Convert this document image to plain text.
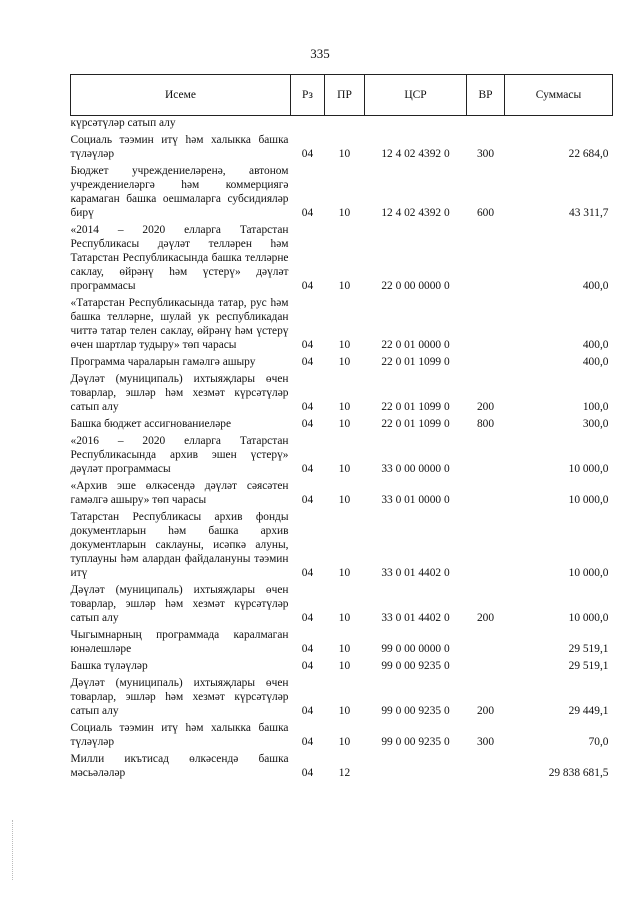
335
Исеме	Рз	ПР	ЦСР	ВР	Суммасы
күрсәтүләр сатып алу					
Социаль тәэмин итү һәм халыкка башка түләүләр	04	10	12 4 02 4392 0	300	22 684,0
Бюджет учреждениеләренә, автоном учреждениеләргә һәм коммерциягә карамаган башка оешмаларга субсидияләр бирү	04	10	12 4 02 4392 0	600	43 311,7
«2014 – 2020 елларга Татарстан Республикасы дәүләт телләрен һәм Татарстан Республикасында башка телләрне саклау, өйрәнү һәм үстерү» дәүләт программасы	04	10	22 0 00 0000 0		400,0
«Татарстан Республикасында татар, рус һәм башка телләрне, шулай ук республикадан читтә татар телен саклау, өйрәнү һәм үстерү өчен шартлар тудыру» төп чарасы	04	10	22 0 01 0000 0		400,0
Программа чараларын гамәлгә ашыру	04	10	22 0 01 1099 0		400,0
Дәүләт (муниципаль) ихтыяҗлары өчен товарлар, эшләр һәм хезмәт күрсәтүләр сатып алу	04	10	22 0 01 1099 0	200	100,0
Башка бюджет ассигнованиеләре	04	10	22 0 01 1099 0	800	300,0
«2016 – 2020 елларга Татарстан Республикасында архив эшен үстерү» дәүләт программасы	04	10	33 0 00 0000 0		10 000,0
«Архив эше өлкәсендә дәүләт сәясәтен гамәлгә ашыру» төп чарасы	04	10	33 0 01 0000 0		10 000,0
Татарстан Республикасы архив фонды документларын һәм башка архив документларын саклауны, исәпкә алуны, туплауны һәм алардан файдалануны тәэмин итү	04	10	33 0 01 4402 0		10 000,0
Дәүләт (муниципаль) ихтыяҗлары өчен товарлар, эшләр һәм хезмәт күрсәтүләр сатып алу	04	10	33 0 01 4402 0	200	10 000,0
Чыгымнарның программада каралмаган юнәлешләре	04	10	99 0 00 0000 0		29 519,1
Башка түләүләр	04	10	99 0 00 9235 0		29 519,1
Дәүләт (муниципаль) ихтыяҗлары өчен товарлар, эшләр һәм хезмәт күрсәтүләр сатып алу	04	10	99 0 00 9235 0	200	29 449,1
Социаль тәэмин итү һәм халыкка башка түләүләр	04	10	99 0 00 9235 0	300	70,0
Милли икътисад өлкәсендә башка мәсьәләләр	04	12			29 838 681,5
